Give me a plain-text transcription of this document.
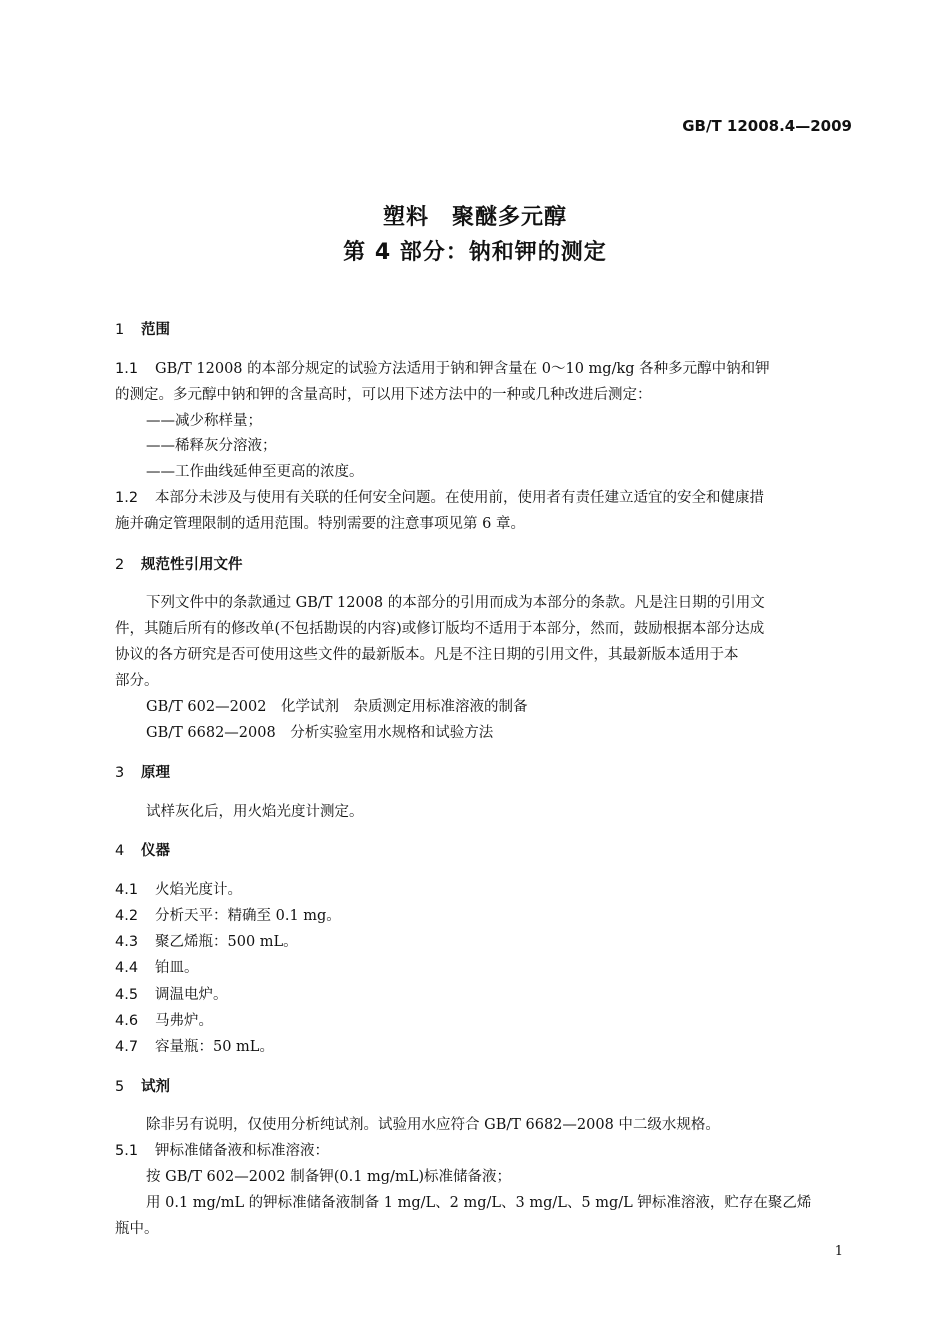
GB/T 12008.4—2009
塑料　聚醚多元醇
第 4 部分：钠和钾的测定
1 范围
1.1 GB/T 12008 的本部分规定的试验方法适用于钠和钾含量在 0～10 mg/kg 各种多元醇中钠和钾
的测定。多元醇中钠和钾的含量高时，可以用下述方法中的一种或几种改进后测定：
——减少称样量；
——稀释灰分溶液；
——工作曲线延伸至更高的浓度。
1.2 本部分未涉及与使用有关联的任何安全问题。在使用前，使用者有责任建立适宜的安全和健康措
施并确定管理限制的适用范围。特别需要的注意事项见第 6 章。
2 规范性引用文件
下列文件中的条款通过 GB/T 12008 的本部分的引用而成为本部分的条款。凡是注日期的引用文
件，其随后所有的修改单(不包括勘误的内容)或修订版均不适用于本部分，然而，鼓励根据本部分达成
协议的各方研究是否可使用这些文件的最新版本。凡是不注日期的引用文件，其最新版本适用于本
部分。
GB/T 602—2002　化学试剂　杂质测定用标准溶液的制备
GB/T 6682—2008　分析实验室用水规格和试验方法
3 原理
试样灰化后，用火焰光度计测定。
4 仪器
4.1 火焰光度计。
4.2 分析天平：精确至 0.1 mg。
4.3 聚乙烯瓶：500 mL。
4.4 铂皿。
4.5 调温电炉。
4.6 马弗炉。
4.7 容量瓶：50 mL。
5 试剂
除非另有说明，仅使用分析纯试剂。试验用水应符合 GB/T 6682—2008 中二级水规格。
5.1 钾标准储备液和标准溶液：
按 GB/T 602—2002 制备钾(0.1 mg/mL)标准储备液；
用 0.1 mg/mL 的钾标准储备液制备 1 mg/L、2 mg/L、3 mg/L、5 mg/L 钾标准溶液，贮存在聚乙烯
瓶中。
1
